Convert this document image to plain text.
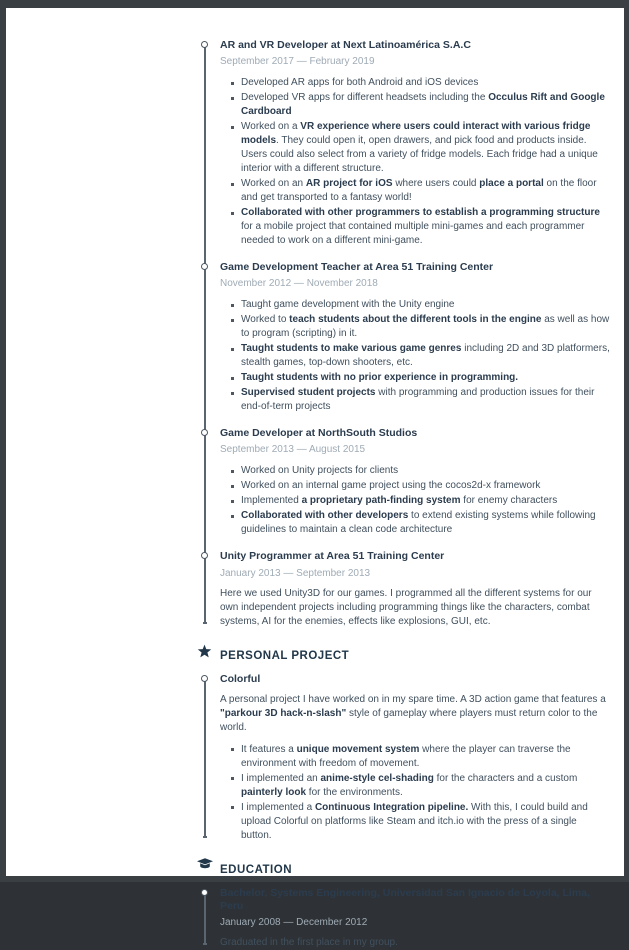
AR and VR Developer at Next Latinoamérica S.A.C
September 2017 — February 2019
Developed AR apps for both Android and iOS devices
Developed VR apps for different headsets including the Occulus Rift and Google Cardboard
Worked on a VR experience where users could interact with various fridge models. They could open it, open drawers, and pick food and products inside. Users could also select from a variety of fridge models. Each fridge had a unique interior with a different structure.
Worked on an AR project for iOS where users could place a portal on the floor and get transported to a fantasy world!
Collaborated with other programmers to establish a programming structure for a mobile project that contained multiple mini-games and each programmer needed to work on a different mini-game.
Game Development Teacher at Area 51 Training Center
November 2012 — November 2018
Taught game development with the Unity engine
Worked to teach students about the different tools in the engine as well as how to program (scripting) in it.
Taught students to make various game genres including 2D and 3D platformers, stealth games, top-down shooters, etc.
Taught students with no prior experience in programming.
Supervised student projects with programming and production issues for their end-of-term projects
Game Developer at NorthSouth Studios
September 2013 — August 2015
Worked on Unity projects for clients
Worked on an internal game project using the cocos2d-x framework
Implemented a proprietary path-finding system for enemy characters
Collaborated with other developers to extend existing systems while following guidelines to maintain a clean code architecture
Unity Programmer at Area 51 Training Center
January 2013 — September 2013
Here we used Unity3D for our games. I programmed all the different systems for our own independent projects including programming things like the characters, combat systems, AI for the enemies, effects like explosions, GUI, etc.
PERSONAL PROJECT
Colorful
A personal project I have worked on in my spare time. A 3D action game that features a "parkour 3D hack-n-slash" style of gameplay where players must return color to the world.
It features a unique movement system where the player can traverse the environment with freedom of movement.
I implemented an anime-style cel-shading for the characters and a custom painterly look for the environments.
I implemented a Continuous Integration pipeline. With this, I could build and upload Colorful on platforms like Steam and itch.io with the press of a single button.
EDUCATION
Bachelor, Systems Engineering, Universidad San Ignacio de Loyola, Lima, Peru
January 2008 — December 2012
Graduated in the first place in my group.
